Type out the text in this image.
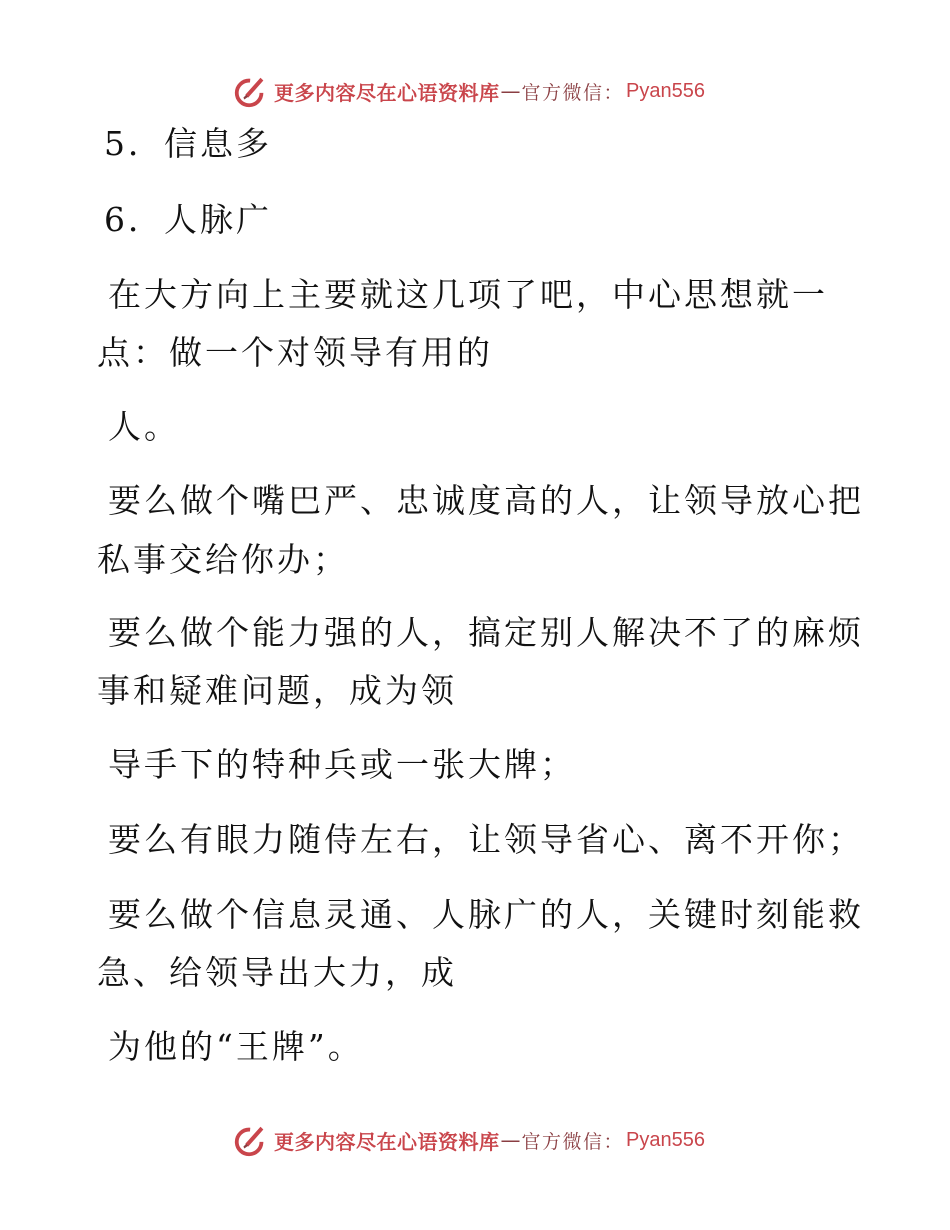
更多内容尽在心语资料库 — 官方微信： Pyan556
5．信息多
6．人脉广
在大方向上主要就这几项了吧，中心思想就一
点：做一个对领导有用的
人。
要么做个嘴巴严、忠诚度高的人，让领导放心把
私事交给你办；
要么做个能力强的人，搞定别人解决不了的麻烦
事和疑难问题，成为领
导手下的特种兵或一张大牌；
要么有眼力随侍左右，让领导省心、离不开你；
要么做个信息灵通、人脉广的人，关键时刻能救
急、给领导出大力，成
为他的“王牌”。
更多内容尽在心语资料库 — 官方微信： Pyan556
